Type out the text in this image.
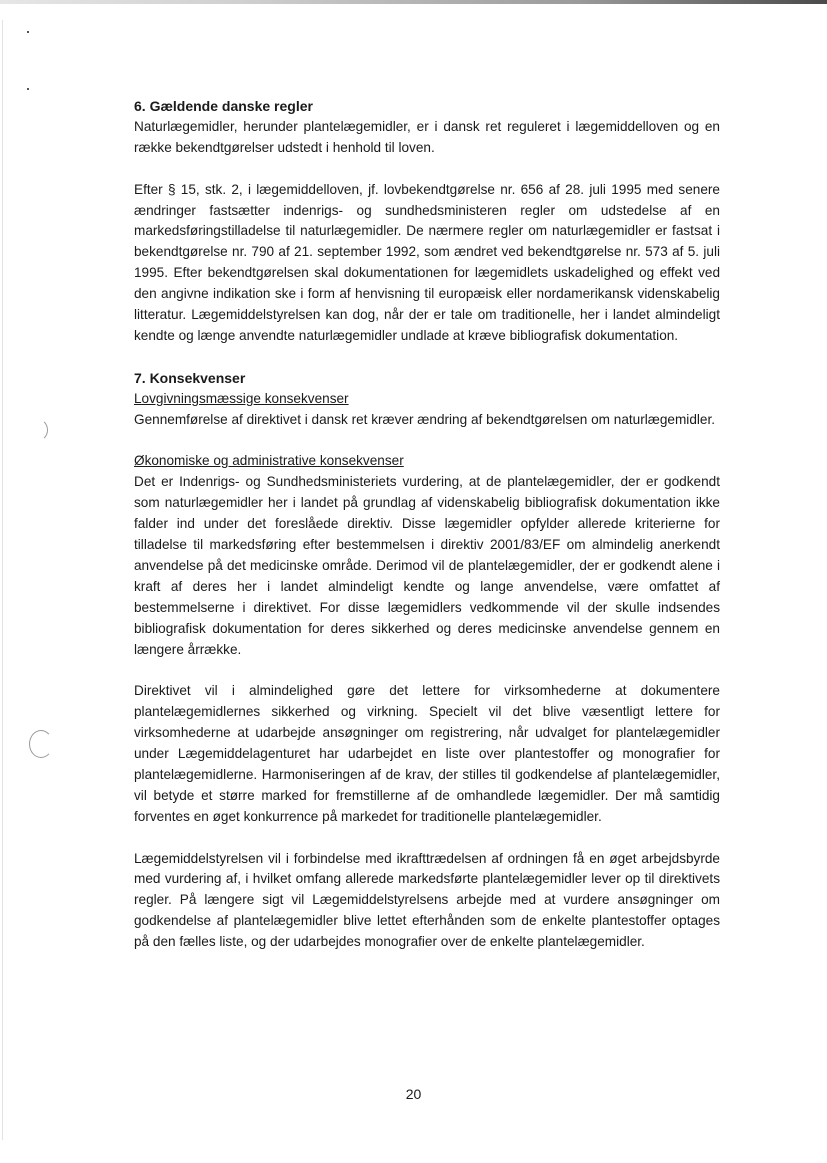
6. Gældende danske regler

Naturlægemidler, herunder plantelægemidler, er i dansk ret reguleret i lægemiddelloven og en række bekendtgørelser udstedt i henhold til loven.

Efter § 15, stk. 2, i lægemiddelloven, jf. lovbekendtgørelse nr. 656 af 28. juli 1995 med senere ændringer fastsætter indenrigs- og sundhedsministeren regler om udstedelse af en markedsføringstilladelse til naturlægemidler. De nærmere regler om naturlægemidler er fastsat i bekendtgørelse nr. 790 af 21. september 1992, som ændret ved bekendtgørelse nr. 573 af 5. juli 1995. Efter bekendtgørelsen skal dokumentationen for lægemidlets uskadelighed og effekt ved den angivne indikation ske i form af henvisning til europæisk eller nordamerikansk videnskabelig litteratur. Lægemiddelstyrelsen kan dog, når der er tale om traditionelle, her i landet almindeligt kendte og længe anvendte naturlægemidler undlade at kræve bibliografisk dokumentation.

7. Konsekvenser

Lovgivningsmæssige konsekvenser

Gennemførelse af direktivet i dansk ret kræver ændring af bekendtgørelsen om naturlægemidler.

Økonomiske og administrative konsekvenser

Det er Indenrigs- og Sundhedsministeriets vurdering, at de plantelægemidler, der er godkendt som naturlægemidler her i landet på grundlag af videnskabelig bibliografisk dokumentation ikke falder ind under det foreslåede direktiv. Disse lægemidler opfylder allerede kriterierne for tilladelse til markedsføring efter bestemmelsen i direktiv 2001/83/EF om almindelig anerkendt anvendelse på det medicinske område. Derimod vil de plantelægemidler, der er godkendt alene i kraft af deres her i landet almindeligt kendte og lange anvendelse, være omfattet af bestemmelserne i direktivet. For disse lægemidlers vedkommende vil der skulle indsendes bibliografisk dokumentation for deres sikkerhed og deres medicinske anvendelse gennem en længere årrække.

Direktivet vil i almindelighed gøre det lettere for virksomhederne at dokumentere plantelægemidlernes sikkerhed og virkning. Specielt vil det blive væsentligt lettere for virksomhederne at udarbejde ansøgninger om registrering, når udvalget for plantelægemidler under Lægemiddelagenturet har udarbejdet en liste over plantestoffer og monografier for plantelægemidlerne. Harmoniseringen af de krav, der stilles til godkendelse af plantelægemidler, vil betyde et større marked for fremstillerne af de omhandlede lægemidler. Der må samtidig forventes en øget konkurrence på markedet for traditionelle plantelægemidler.

Lægemiddelstyrelsen vil i forbindelse med ikrafttrædelsen af ordningen få en øget arbejdsbyrde med vurdering af, i hvilket omfang allerede markedsførte plantelægemidler lever op til direktivets regler. På længere sigt vil Lægemiddelstyrelsens arbejde med at vurdere ansøgninger om godkendelse af plantelægemidler blive lettet efterhånden som de enkelte plantestoffer optages på den fælles liste, og der udarbejdes monografier over de enkelte plantelægemidler.

20
